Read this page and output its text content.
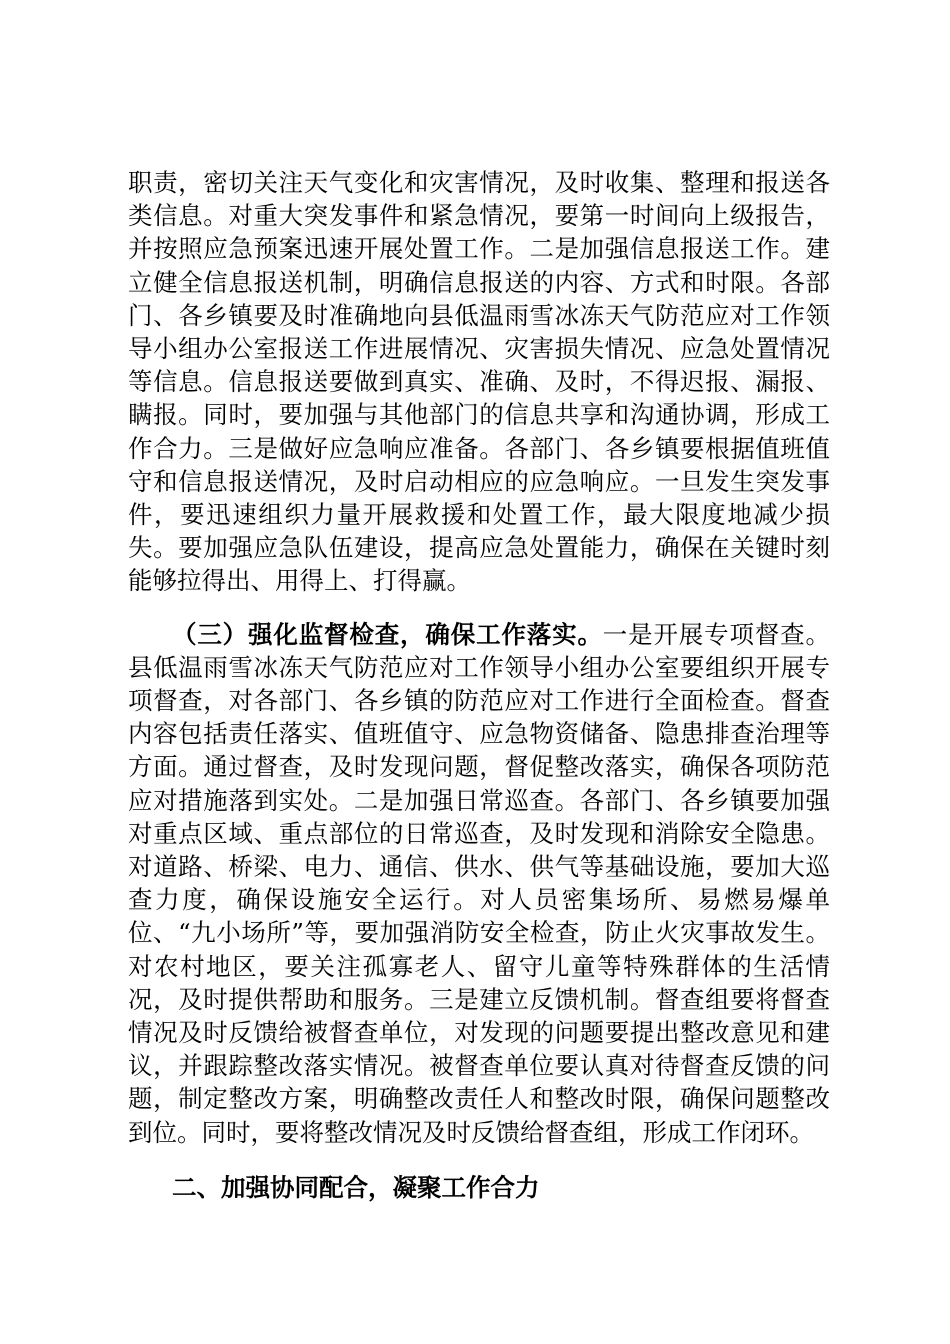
职责，密切关注天气变化和灾害情况，及时收集、整理和报送各类信息。对重大突发事件和紧急情况，要第一时间向上级报告，并按照应急预案迅速开展处置工作。二是加强信息报送工作。建立健全信息报送机制，明确信息报送的内容、方式和时限。各部门、各乡镇要及时准确地向县低温雨雪冰冻天气防范应对工作领导小组办公室报送工作进展情况、灾害损失情况、应急处置情况等信息。信息报送要做到真实、准确、及时，不得迟报、漏报、瞒报。同时，要加强与其他部门的信息共享和沟通协调，形成工作合力。三是做好应急响应准备。各部门、各乡镇要根据值班值守和信息报送情况，及时启动相应的应急响应。一旦发生突发事件，要迅速组织力量开展救援和处置工作，最大限度地减少损失。要加强应急队伍建设，提高应急处置能力，确保在关键时刻能够拉得出、用得上、打得赢。

（三）强化监督检查，确保工作落实。一是开展专项督查。县低温雨雪冰冻天气防范应对工作领导小组办公室要组织开展专项督查，对各部门、各乡镇的防范应对工作进行全面检查。督查内容包括责任落实、值班值守、应急物资储备、隐患排查治理等方面。通过督查，及时发现问题，督促整改落实，确保各项防范应对措施落到实处。二是加强日常巡查。各部门、各乡镇要加强对重点区域、重点部位的日常巡查，及时发现和消除安全隐患。对道路、桥梁、电力、通信、供水、供气等基础设施，要加大巡查力度，确保设施安全运行。对人员密集场所、易燃易爆单位、“九小场所”等，要加强消防安全检查，防止火灾事故发生。对农村地区，要关注孤寡老人、留守儿童等特殊群体的生活情况，及时提供帮助和服务。三是建立反馈机制。督查组要将督查情况及时反馈给被督查单位，对发现的问题要提出整改意见和建议，并跟踪整改落实情况。被督查单位要认真对待督查反馈的问题，制定整改方案，明确整改责任人和整改时限，确保问题整改到位。同时，要将整改情况及时反馈给督查组，形成工作闭环。

二、加强协同配合，凝聚工作合力
